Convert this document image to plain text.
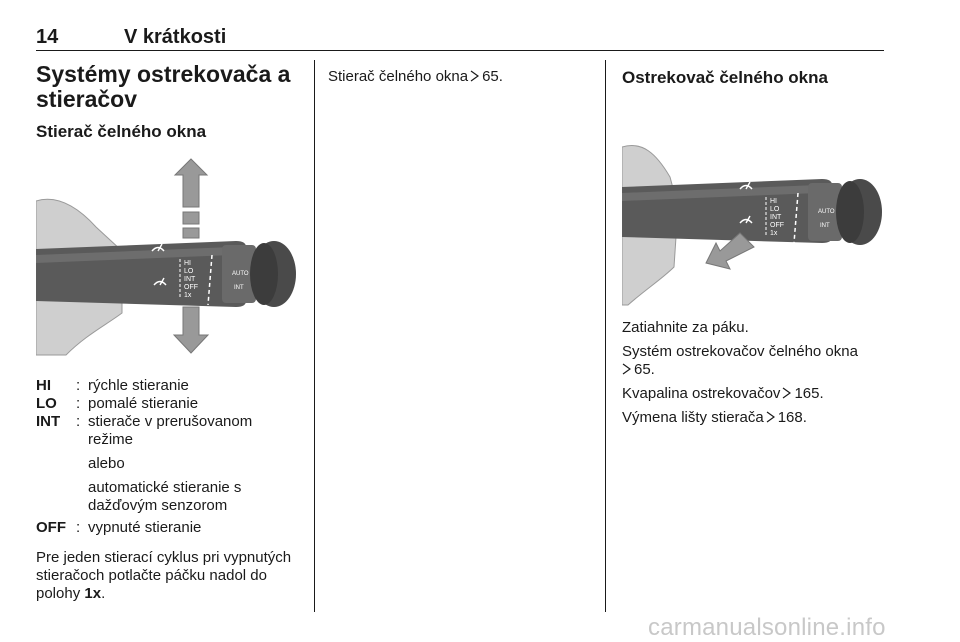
14	V krátkosti
Systémy ostrekovača a stieračov
Stierač čelného okna
HI
LO
INT
OFF
1x
AUTO
INT
HI	: rýchle stieranie
LO	: pomalé stieranie
INT	: stierače v prerušovanom režime

alebo

automatické stieranie s dažďovým senzorom

OFF : vypnuté stieranie

Pre jeden stierací cyklus pri vypnutých stieračoch potlačte páčku nadol do polohy 1x.

Stierač čelného okna 65.	Ostrekovač čelného okna
HI
LO
INT
OFF
1x
AUTO
INT

Zatiahnite za páku.

Systém ostrekovačov čelného okna
65.

Kvapalina ostrekovačov 165.

Výmena lišty stierača 168.

carmanualsonline.info
